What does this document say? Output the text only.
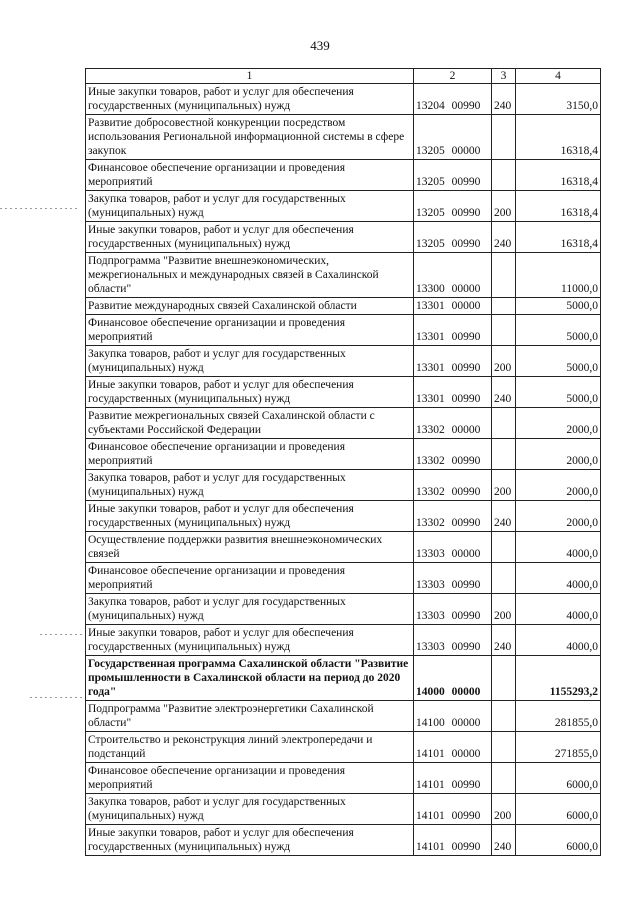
439
1	2	3	4
Иные закупки товаров, работ и услуг для обеспечения государственных (муниципальных) нужд	13204 00990	240	3150,0
Развитие добросовестной конкуренции посредством использования Региональной информационной системы в сфере закупок	13205 00000		16318,4
Финансовое обеспечение организации и проведения мероприятий	13205 00990		16318,4
Закупка товаров, работ и услуг для государственных (муниципальных) нужд	13205 00990	200	16318,4
Иные закупки товаров, работ и услуг для обеспечения государственных (муниципальных) нужд	13205 00990	240	16318,4
Подпрограмма "Развитие внешнеэкономических, межрегиональных и международных связей в Сахалинской области"	13300 00000		11000,0
Развитие международных связей Сахалинской области	13301 00000		5000,0
Финансовое обеспечение организации и проведения мероприятий	13301 00990		5000,0
Закупка товаров, работ и услуг для государственных (муниципальных) нужд	13301 00990	200	5000,0
Иные закупки товаров, работ и услуг для обеспечения государственных (муниципальных) нужд	13301 00990	240	5000,0
Развитие межрегиональных связей Сахалинской области с субъектами Российской Федерации	13302 00000		2000,0
Финансовое обеспечение организации и проведения мероприятий	13302 00990		2000,0
Закупка товаров, работ и услуг для государственных (муниципальных) нужд	13302 00990	200	2000,0
Иные закупки товаров, работ и услуг для обеспечения государственных (муниципальных) нужд	13302 00990	240	2000,0
Осуществление поддержки развития внешнеэкономических связей	13303 00000		4000,0
Финансовое обеспечение организации и проведения мероприятий	13303 00990		4000,0
Закупка товаров, работ и услуг для государственных (муниципальных) нужд	13303 00990	200	4000,0
Иные закупки товаров, работ и услуг для обеспечения государственных (муниципальных) нужд	13303 00990	240	4000,0
Государственная программа Сахалинской области "Развитие промышленности в Сахалинской области на период до 2020 года"	14000 00000		1155293,2
Подпрограмма "Развитие электроэнергетики Сахалинской области"	14100 00000		281855,0
Строительство и реконструкция линий электропередачи и подстанций	14101 00000		271855,0
Финансовое обеспечение организации и проведения мероприятий	14101 00990		6000,0
Закупка товаров, работ и услуг для государственных (муниципальных) нужд	14101 00990	200	6000,0
Иные закупки товаров, работ и услуг для обеспечения государственных (муниципальных) нужд	14101 00990	240	6000,0
